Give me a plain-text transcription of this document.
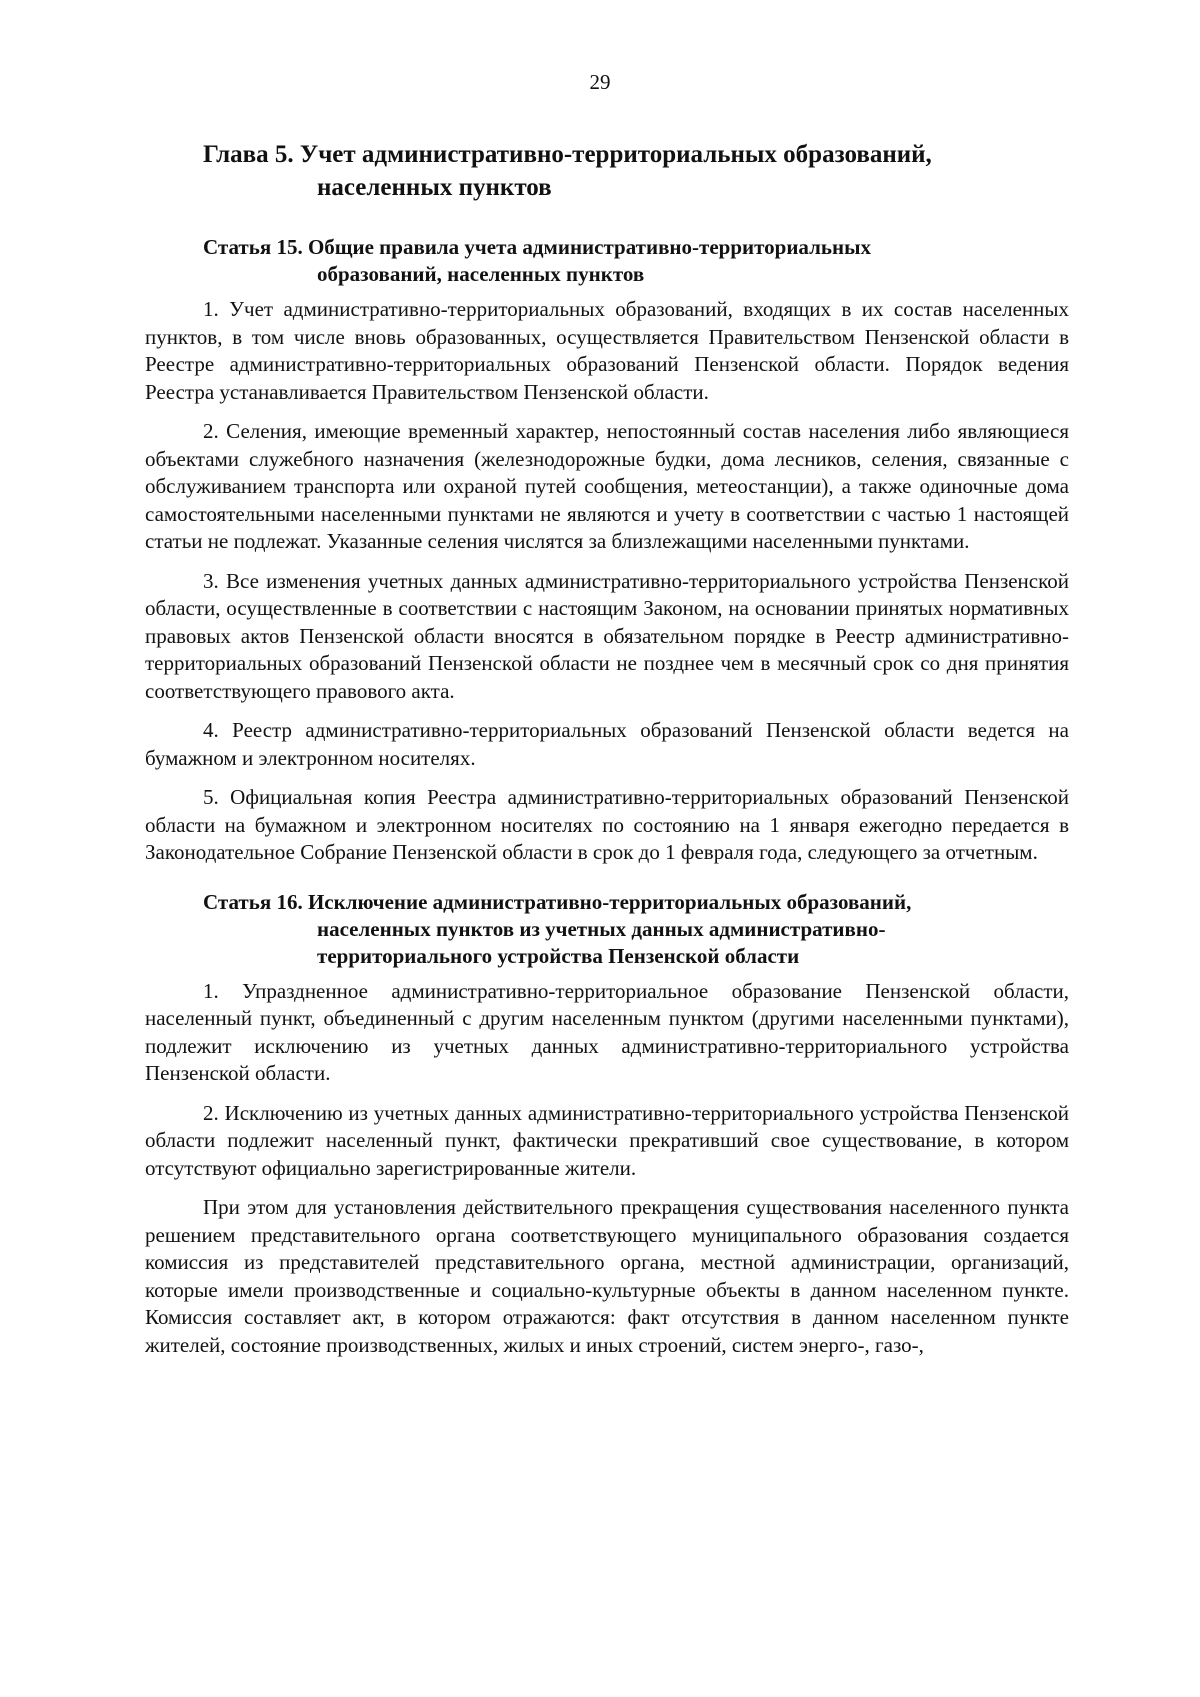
29
Глава 5. Учет административно-территориальных образований,
населенных пунктов
Статья 15. Общие правила учета административно-территориальных
образований, населенных пунктов

1. Учет административно-территориальных образований, входящих в их состав населенных пунктов, в том числе вновь образованных, осуществляется Правительством Пензенской области в Реестре административно-территориальных образований Пензенской области. Порядок ведения Реестра устанавливается Правительством Пензенской области.

2. Селения, имеющие временный характер, непостоянный состав населения либо являющиеся объектами служебного назначения (железнодорожные будки, дома лесников, селения, связанные с обслуживанием транспорта или охраной путей сообщения, метеостанции), а также одиночные дома самостоятельными населенными пунктами не являются и учету в соответствии с частью 1 настоящей статьи не подлежат. Указанные селения числятся за близлежащими населенными пунктами.

3. Все изменения учетных данных административно-территориального устройства Пензенской области, осуществленные в соответствии с настоящим Законом, на основании принятых нормативных правовых актов Пензенской области вносятся в обязательном порядке в Реестр административно-территориальных образований Пензенской области не позднее чем в месячный срок со дня принятия соответствующего правового акта.

4. Реестр административно-территориальных образований Пензенской области ведется на бумажном и электронном носителях.

5. Официальная копия Реестра административно-территориальных образований Пензенской области на бумажном и электронном носителях по состоянию на 1 января ежегодно передается в Законодательное Собрание Пензенской области в срок до 1 февраля года, следующего за отчетным.

Статья 16. Исключение административно-территориальных образований,
населенных пунктов из учетных данных административно-
территориального устройства Пензенской области

1. Упраздненное административно-территориальное образование Пензенской области, населенный пункт, объединенный с другим населенным пунктом (другими населенными пунктами), подлежит исключению из учетных данных административно-территориального устройства Пензенской области.

2. Исключению из учетных данных административно-территориального устройства Пензенской области подлежит населенный пункт, фактически прекративший свое существование, в котором отсутствуют официально зарегистрированные жители.

При этом для установления действительного прекращения существования населенного пункта решением представительного органа соответствующего муниципального образования создается комиссия из представителей представительного органа, местной администрации, организаций, которые имели производственные и социально-культурные объекты в данном населенном пункте. Комиссия составляет акт, в котором отражаются: факт отсутствия в данном населенном пункте жителей, состояние производственных, жилых и иных строений, систем энерго-, газо-,
